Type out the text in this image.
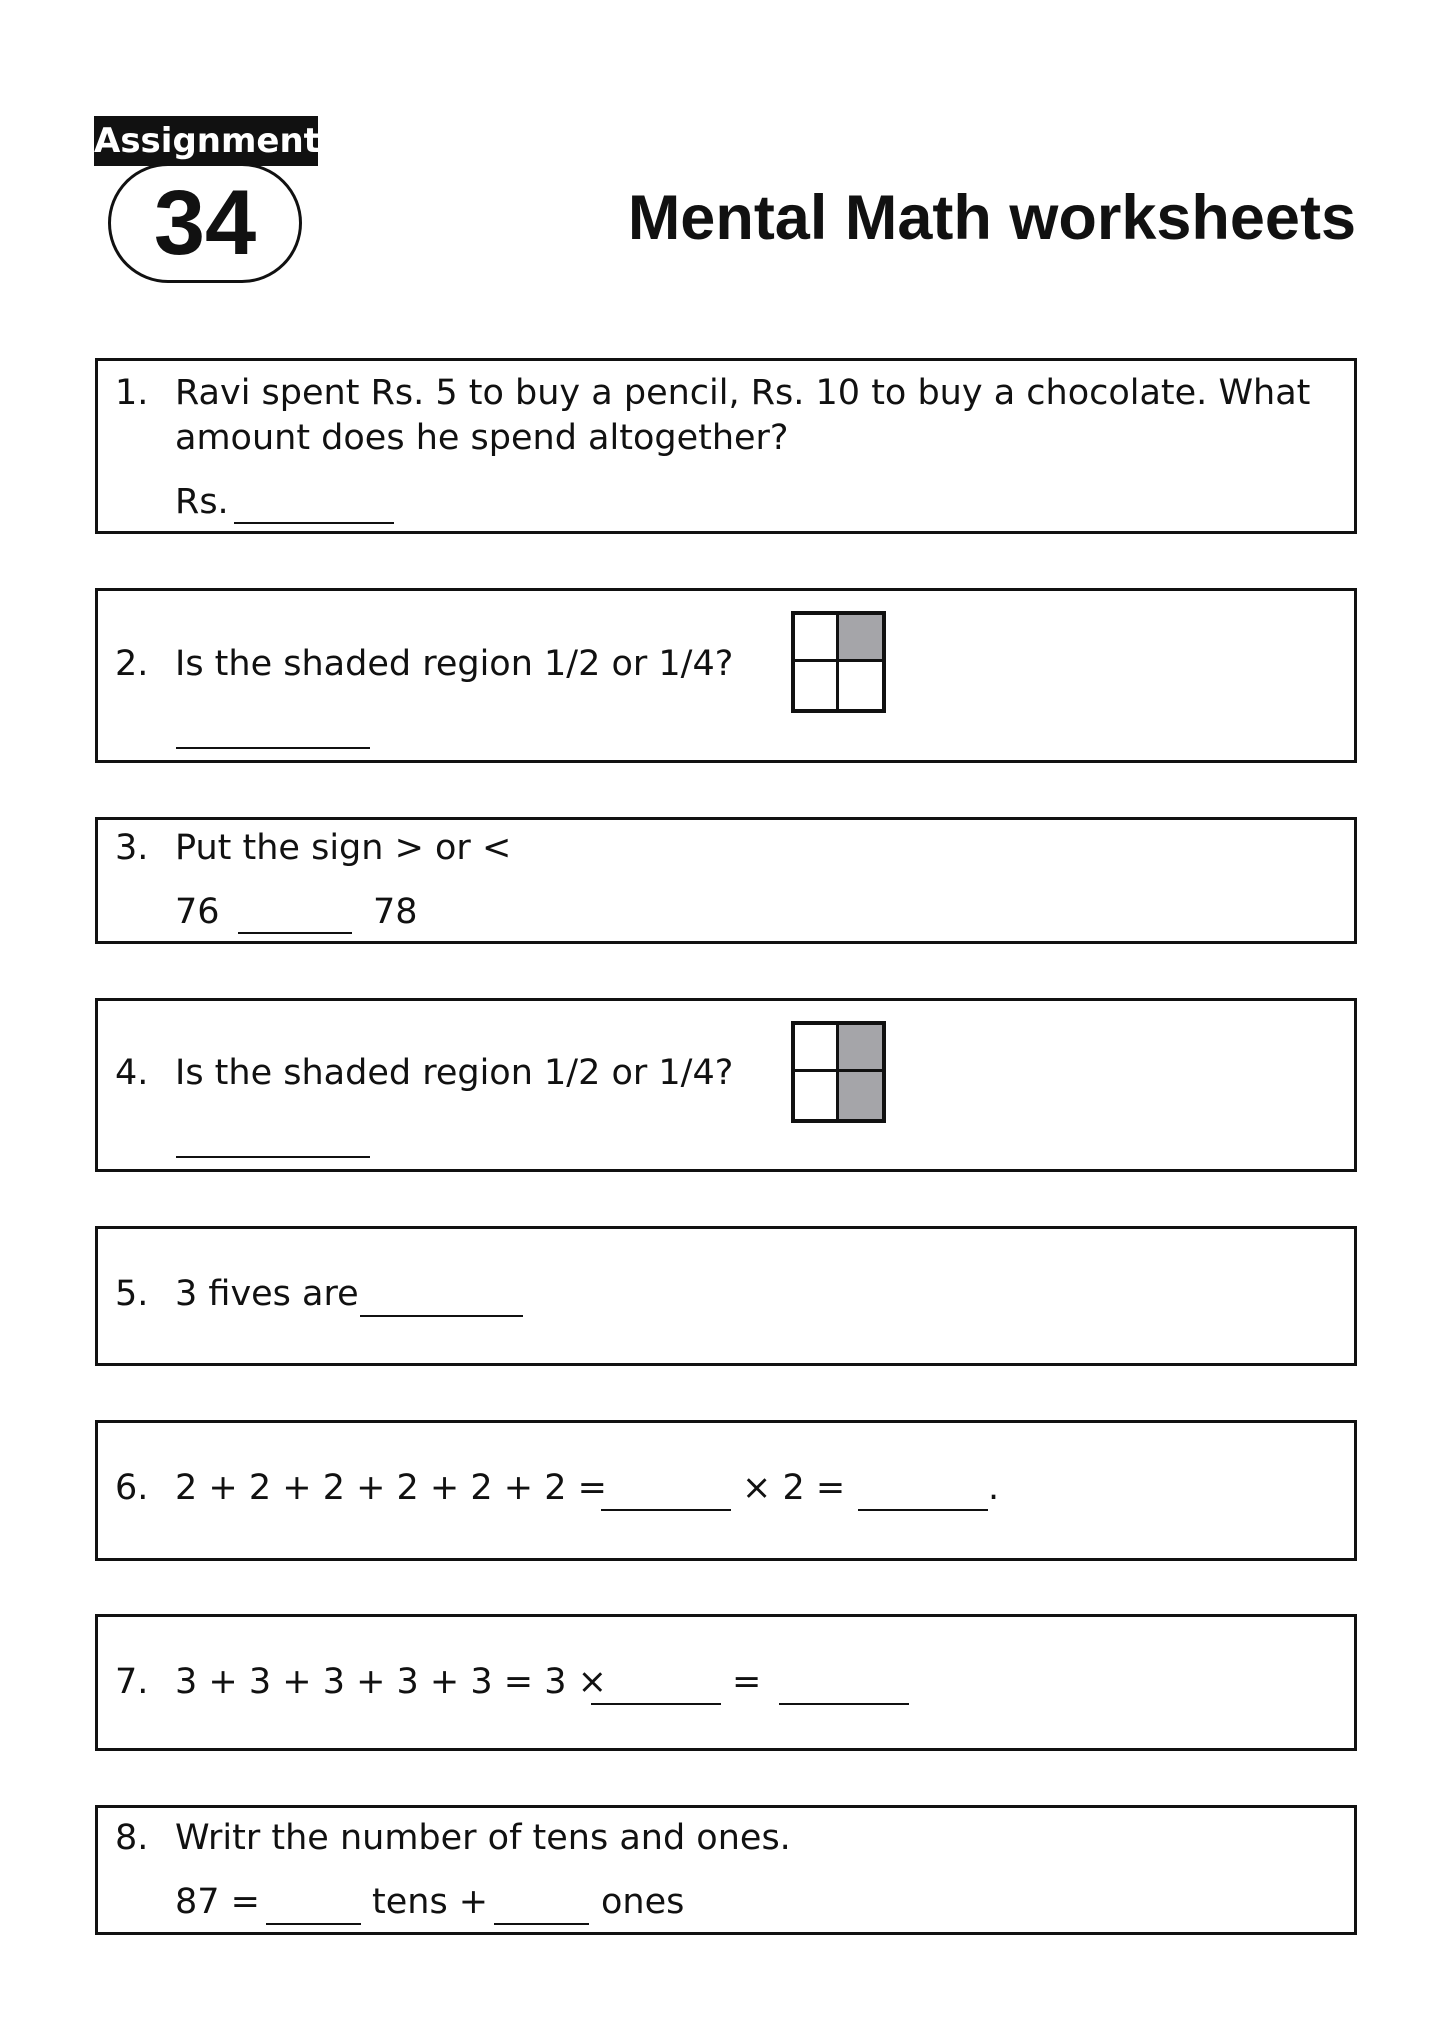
Assignment
34	Mental Math worksheets
1. Ravi spent Rs. 5 to buy a pencil, Rs. 10 to buy a chocolate. What
amount does he spend altogether?
Rs.
2. Is the shaded region 1/2 or 1/4?
3. Put the sign > or <
76	78
4. Is the shaded region 1/2 or 1/4?
5. 3 fives are
6. 2 + 2 + 2 + 2 + 2 + 2 =	× 2 =	.
7. 3 + 3 + 3 + 3 + 3 = 3 ×	=
8. Writr the number of tens and ones.
87 =	tens +	ones
